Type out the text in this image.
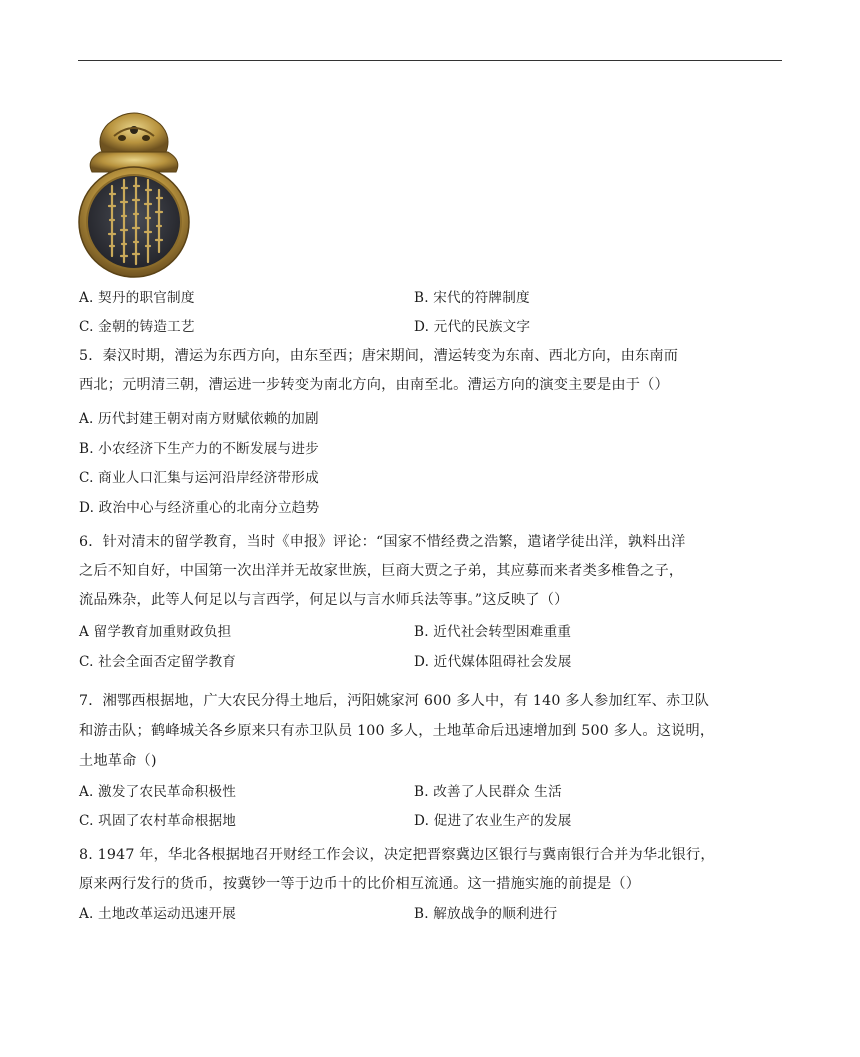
A. 契丹的职官制度	B. 宋代的符牌制度
C. 金朝的铸造工艺	D. 元代的民族文字
5．秦汉时期，漕运为东西方向，由东至西；唐宋期间，漕运转变为东南、西北方向，由东南而
西北；元明清三朝，漕运进一步转变为南北方向，由南至北。漕运方向的演变主要是由于（）
A. 历代封建王朝对南方财赋依赖的加剧
B. 小农经济下生产力的不断发展与进步
C. 商业人口汇集与运河沿岸经济带形成
D. 政治中心与经济重心的北南分立趋势
6．针对清末的留学教育，当时《申报》评论：“国家不惜经费之浩繁，遣诸学徒出洋，孰料出洋
之后不知自好，中国第一次出洋并无故家世族，巨商大贾之子弟，其应募而来者类多椎鲁之子，
流品殊杂，此等人何足以与言西学，何足以与言水师兵法等事。”这反映了（）
A 留学教育加重财政负担	B. 近代社会转型困难重重
C. 社会全面否定留学教育	D. 近代媒体阻碍社会发展
7．湘鄂西根据地，广大农民分得土地后，沔阳姚家河 600 多人中，有 140 多人参加红军、赤卫队
和游击队；鹤峰城关各乡原来只有赤卫队员 100 多人，土地革命后迅速增加到 500 多人。这说明，
土地革命（)
A. 激发了农民革命积极性	B. 改善了人民群众 生活
C. 巩固了农村革命根据地	D. 促进了农业生产的发展
8. 1947 年，华北各根据地召开财经工作会议，决定把晋察冀边区银行与冀南银行合并为华北银行，
原来两行发行的货币，按冀钞一等于边币十的比价相互流通。这一措施实施的前提是（）
A. 土地改革运动迅速开展	B. 解放战争的顺利进行
